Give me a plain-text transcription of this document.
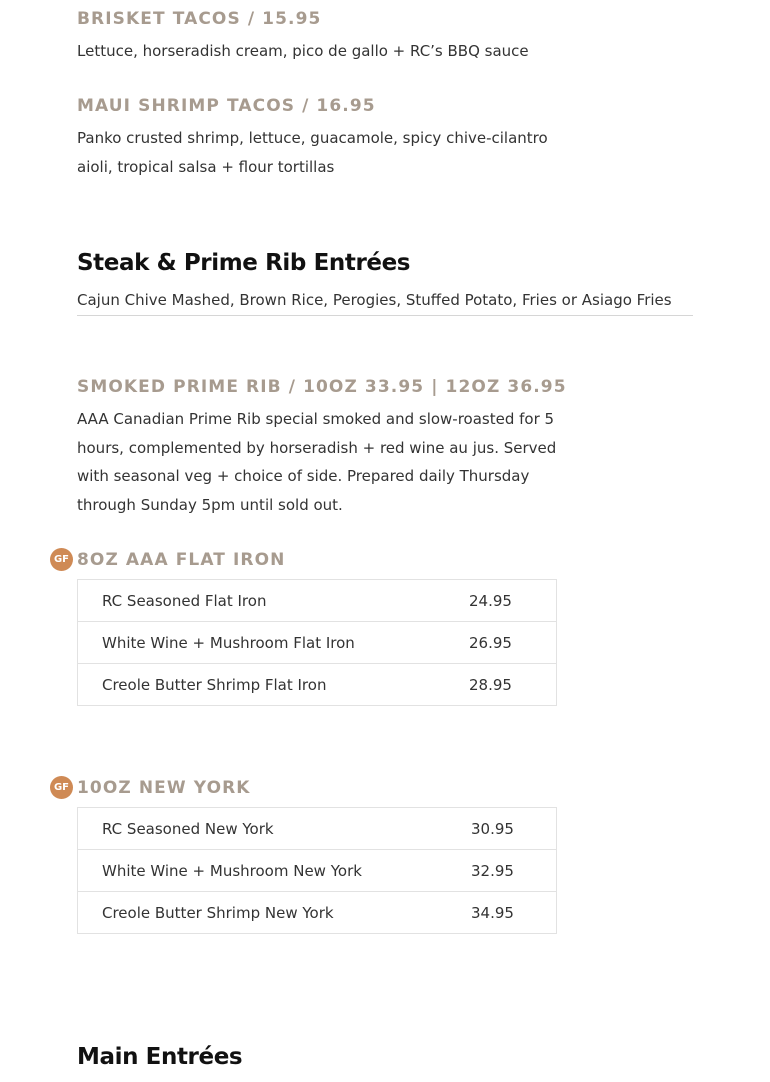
BRISKET TACOS / 15.95

Lettuce, horseradish cream, pico de gallo + RC’s BBQ sauce

MAUI SHRIMP TACOS / 16.95

Panko crusted shrimp, lettuce, guacamole, spicy chive-cilantro aioli, tropical salsa + flour tortillas

Steak & Prime Rib Entrées

Cajun Chive Mashed, Brown Rice, Perogies, Stuffed Potato, Fries or Asiago Fries

SMOKED PRIME RIB / 10OZ 33.95 | 12OZ 36.95

AAA Canadian Prime Rib special smoked and slow-roasted for 5 hours, complemented by horseradish + red wine au jus. Served with seasonal veg + choice of side. Prepared daily Thursday through Sunday 5pm until sold out.

GF 8OZ AAA FLAT IRON
RC Seasoned Flat Iron	24.95
White Wine + Mushroom Flat Iron	26.95
Creole Butter Shrimp Flat Iron	28.95
GF 10OZ NEW YORK
RC Seasoned New York	30.95
White Wine + Mushroom New York	32.95
Creole Butter Shrimp New York	34.95
Main Entrées
